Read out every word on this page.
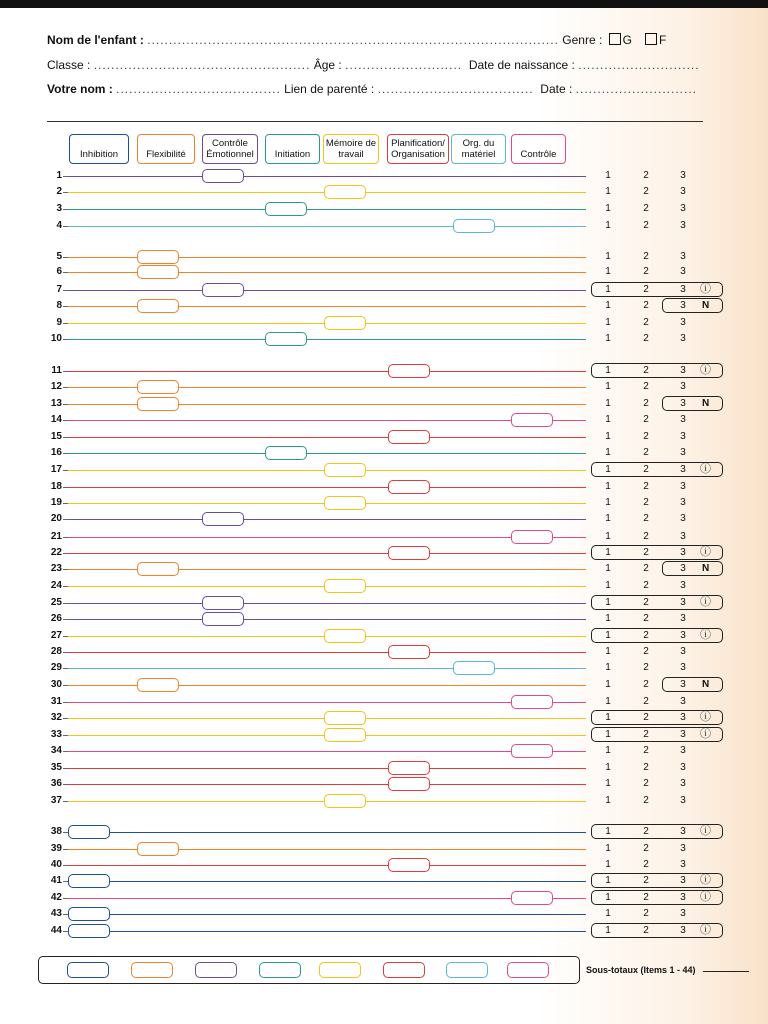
Nom de l'enfant : ............................................................................................... Genre : G F
Classe : .................................................. Âge : ........................... Date de naissance : ............................
Votre nom : ...................................... Lien de parenté : .................................... Date : ............................
Inhibition	Flexibilité
Contrôle Émotionnel	Initiation
Mémoire de travail
Planification/ Organisation
Org. du matériel	Contrôle
1	1	2	3
2	1	2	3
3	1	2	3
4	1	2	3
5	1	2	3
6	1	2	3
7	1	2	3	ⓘ
8	1	2	3	N
9	1	2	3
10	1	2	3
11	1	2	3	ⓘ
12	1	2	3
13	1	2	3	N
14	1	2	3
15	1	2	3
16	1	2	3
17	1	2	3	ⓘ
18	1	2	3
19	1	2	3
20	1	2	3
21	1	2	3
22	1	2	3	ⓘ
23	1	2	3	N
24	1	2	3
25	1	2	3	ⓘ
26	1	2	3
27	1	2	3	ⓘ
28	1	2	3
29	1	2	3
30	1	2	3	N
31	1	2	3
32	1	2	3	ⓘ
33	1	2	3	ⓘ
34	1	2	3
35	1	2	3
36	1	2	3
37	1	2	3
38	1	2	3	ⓘ
39	1	2	3
40	1	2	3
41	1	2	3	ⓘ
42	1	2	3	ⓘ
43	1	2	3
44	1	2	3	ⓘ
Sous-totaux (Items 1 - 44)
